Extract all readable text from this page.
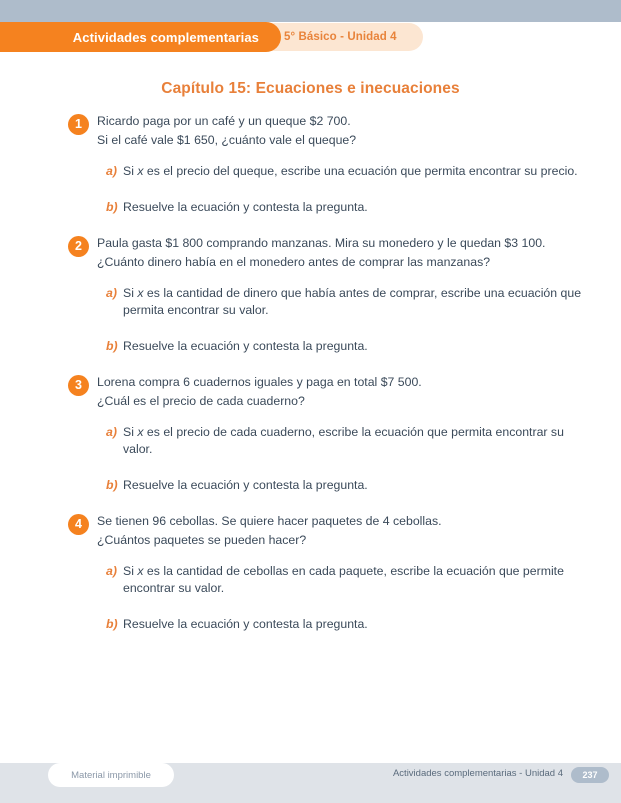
5° Básico - Unidad 4
Actividades complementarias
Capítulo 15: Ecuaciones e inecuaciones
1	Ricardo paga por un café y un queque $2 700.
Si el café vale $1 650, ¿cuánto vale el queque?
a) Si x es el precio del queque, escribe una ecuación que permita encontrar su precio.
b) Resuelve la ecuación y contesta la pregunta.
2	Paula gasta $1 800 comprando manzanas. Mira su monedero y le quedan $3 100.
¿Cuánto dinero había en el monedero antes de comprar las manzanas?
a) Si x es la cantidad de dinero que había antes de comprar, escribe una ecuación que
permita encontrar su valor.
b) Resuelve la ecuación y contesta la pregunta.
3	Lorena compra 6 cuadernos iguales y paga en total $7 500.
¿Cuál es el precio de cada cuaderno?
a) Si x es el precio de cada cuaderno, escribe la ecuación que permita encontrar su valor.
b) Resuelve la ecuación y contesta la pregunta.
4	Se tienen 96 cebollas. Se quiere hacer paquetes de 4 cebollas.
¿Cuántos paquetes se pueden hacer?
a) Si x es la cantidad de cebollas en cada paquete, escribe la ecuación que permite
encontrar su valor.
b) Resuelve la ecuación y contesta la pregunta.
Material imprimible	Actividades complementarias - Unidad 4 237
